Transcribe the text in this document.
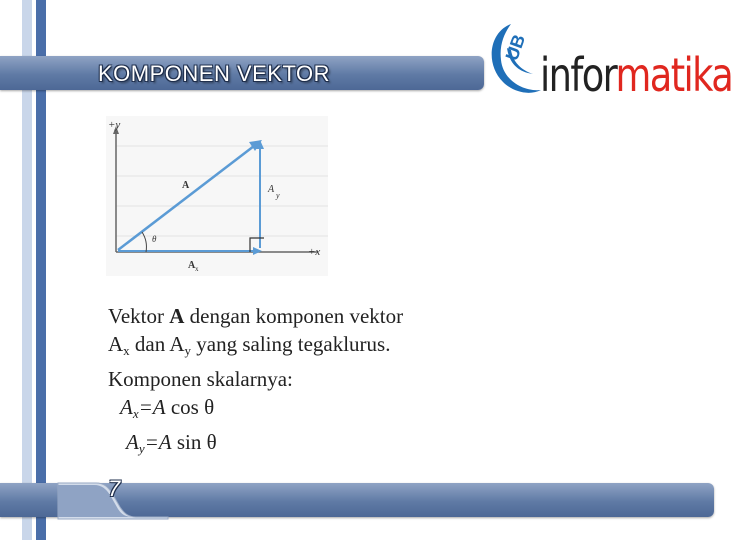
KOMPONEN VEKTOR
UB
informatika
+y
+x
A	A
y
A x
θ
Vektor A dengan komponen vektor
$A_x$ dan $A_y$ yang saling tegaklurus.
Komponen skalarnya:
$A_x=A$ cos θ
$A_y=A$ sin θ
7
